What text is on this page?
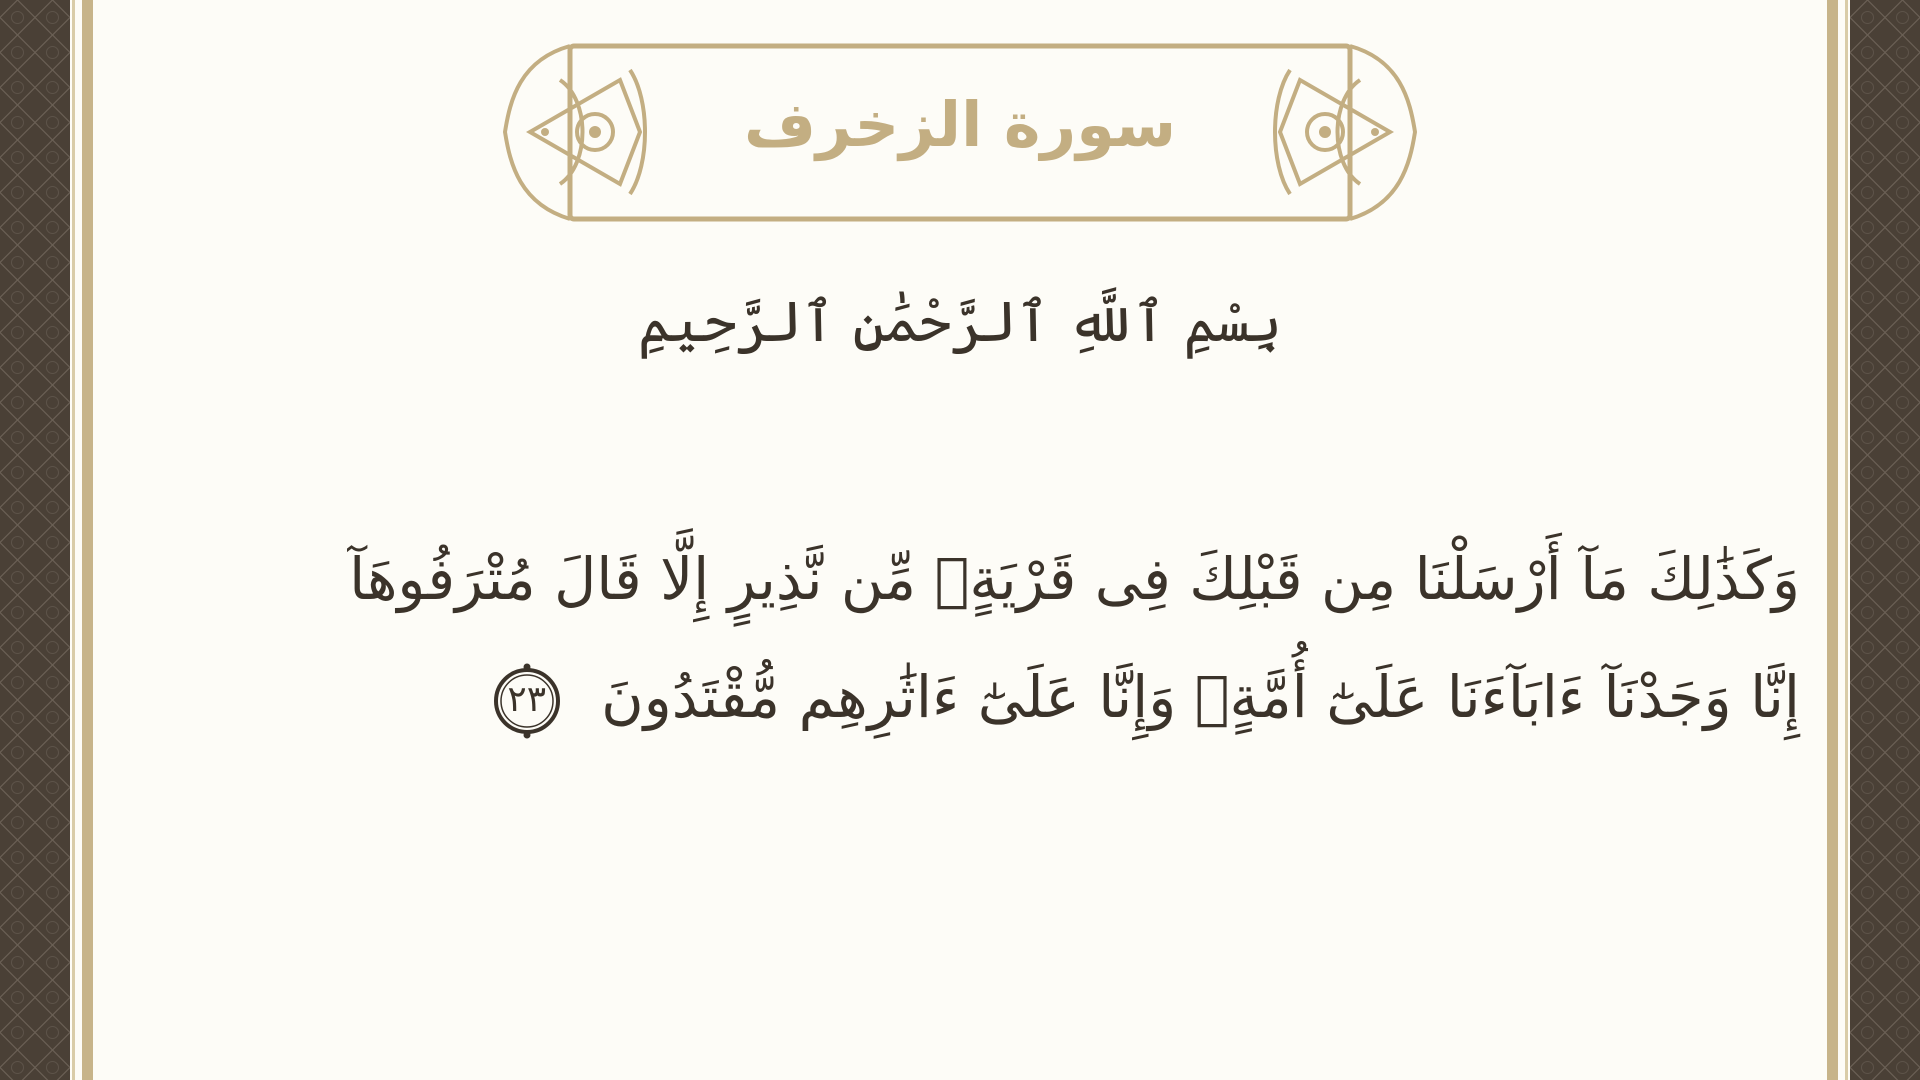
سورة الزخرف
بِسْمِ ٱللَّهِ ٱلرَّحْمَٰنِ ٱلرَّحِيمِ
وَكَذَٰلِكَ مَآ أَرْسَلْنَا مِن قَبْلِكَ فِى قَرْيَةٍۢ مِّن نَّذِيرٍ إِلَّا قَالَ مُتْرَفُوهَآ إِنَّا وَجَدْنَآ ءَابَآءَنَا عَلَىٰٓ أُمَّةٍۢ وَإِنَّا عَلَىٰٓ ءَاثَٰرِهِم مُّقْتَدُونَ
٢٣
